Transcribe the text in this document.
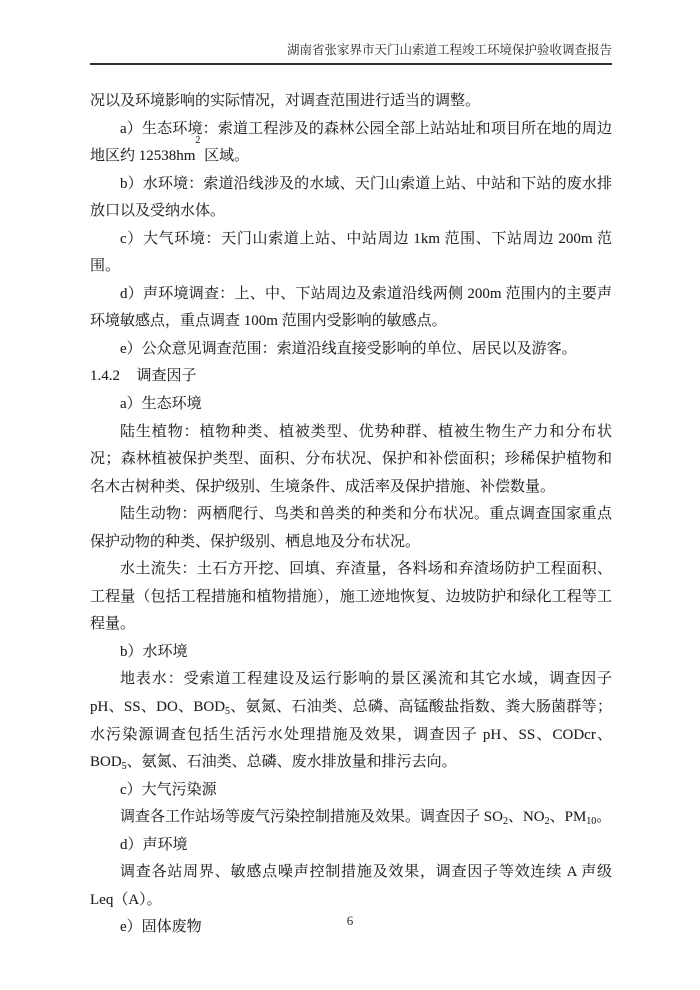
湖南省张家界市天门山索道工程竣工环境保护验收调查报告

况以及环境影响的实际情况，对调查范围进行适当的调整。

a）生态环境：索道工程涉及的森林公园全部上站站址和项目所在地的周边地区约 $12538hm^2$ 区域。

b）水环境：索道沿线涉及的水域、天门山索道上站、中站和下站的废水排放口以及受纳水体。

c）大气环境：天门山索道上站、中站周边 1km 范围、下站周边 200m 范围。

d）声环境调查：上、中、下站周边及索道沿线两侧 200m 范围内的主要声环境敏感点，重点调查 100m 范围内受影响的敏感点。

e）公众意见调查范围：索道沿线直接受影响的单位、居民以及游客。

1.4.2 调查因子

a）生态环境

陆生植物：植物种类、植被类型、优势种群、植被生物生产力和分布状况；森林植被保护类型、面积、分布状况、保护和补偿面积；珍稀保护植物和名木古树种类、保护级别、生境条件、成活率及保护措施、补偿数量。

陆生动物：两栖爬行、鸟类和兽类的种类和分布状况。重点调查国家重点保护动物的种类、保护级别、栖息地及分布状况。

水土流失：土石方开挖、回填、弃渣量，各料场和弃渣场防护工程面积、工程量（包括工程措施和植物措施），施工迹地恢复、边坡防护和绿化工程等工程量。

b）水环境

地表水：受索道工程建设及运行影响的景区溪流和其它水域，调查因子 pH、SS、DO、$BOD_5$、氨氮、石油类、总磷、高锰酸盐指数、粪大肠菌群等；水污染源调查包括生活污水处理措施及效果，调查因子 pH、SS、CODcr、$BOD_5$、氨氮、石油类、总磷、废水排放量和排污去向。

c）大气污染源

调查各工作站场等废气污染控制措施及效果。调查因子 $SO_2$、$NO_2$、$PM_{10}$。

d）声环境

调查各站周界、敏感点噪声控制措施及效果，调查因子等效连续 A 声级 Leq（A）。

e）固体废物	6
